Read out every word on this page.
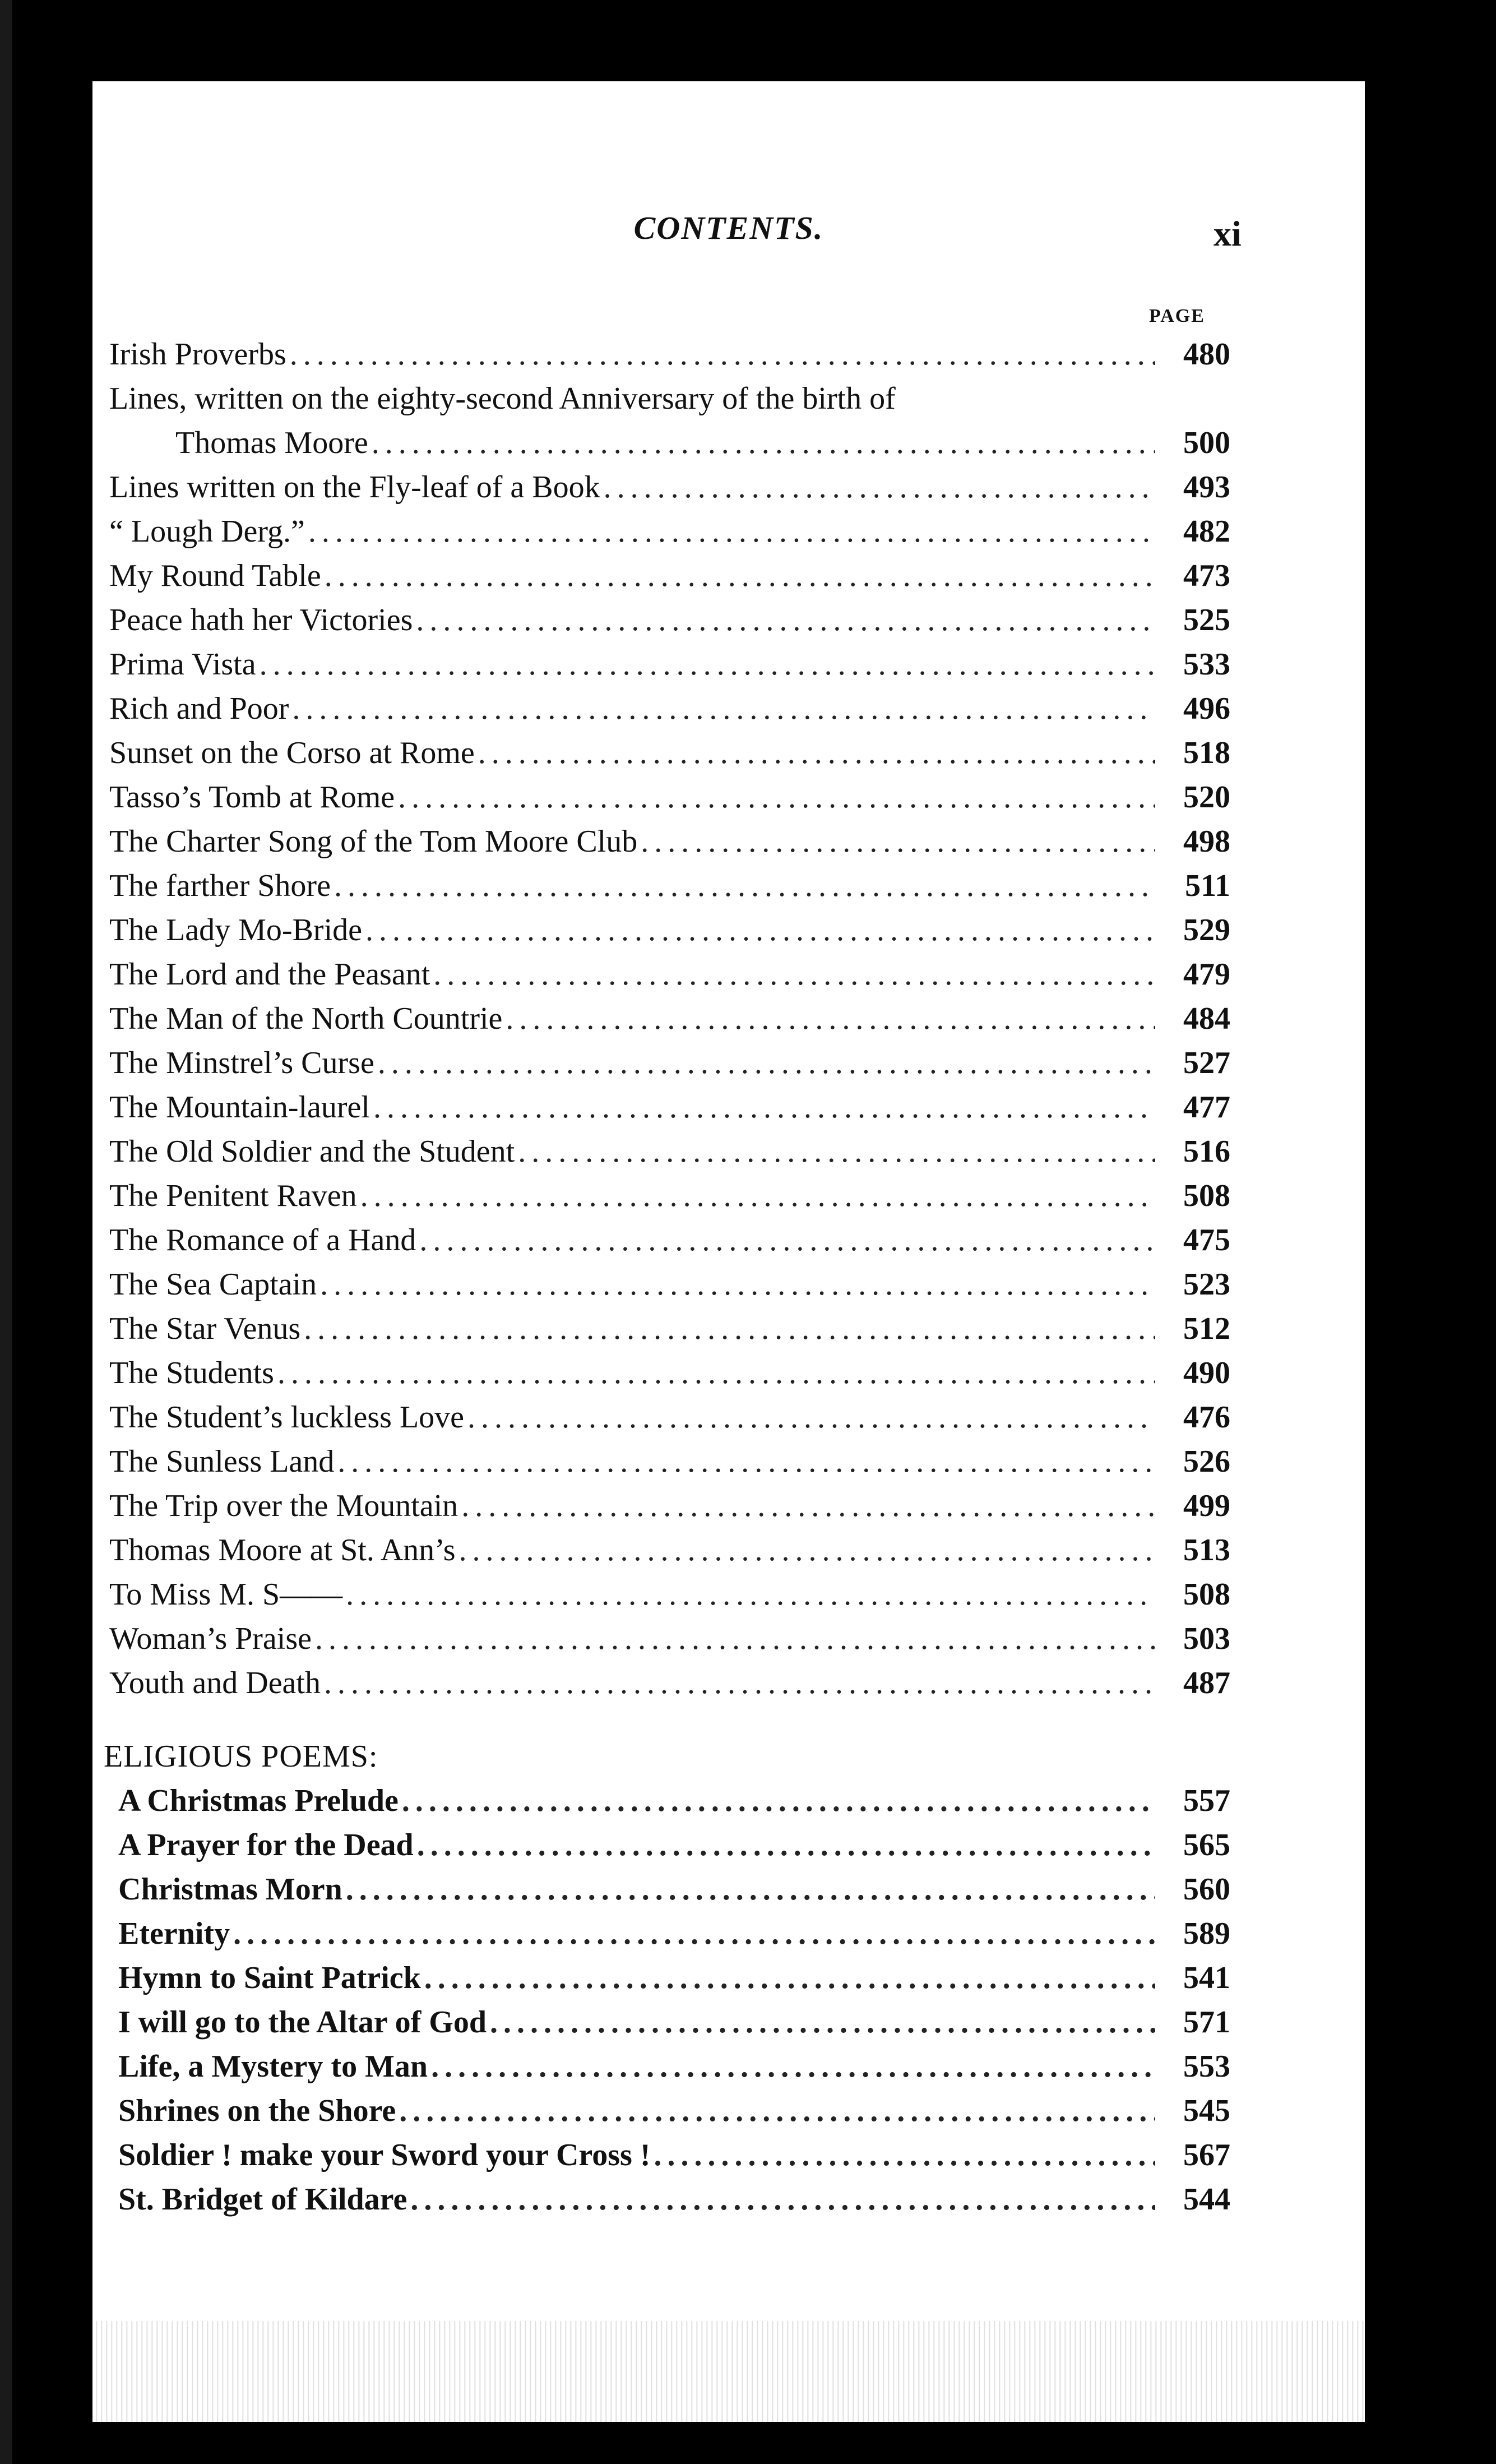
CONTENTS.	xi
PAGE
Irish Proverbs .....	480
Lines, written on the eighty-second Anniversary of the birth of
Thomas Moore .....	500
Lines written on the Fly-leaf of a Book .....	493
“ Lough Derg.” .....	482
My Round Table .....	473
Peace hath her Victories .....	525
Prima Vista .....	533
Rich and Poor .....	496
Sunset on the Corso at Rome .....	518
Tasso’s Tomb at Rome .....	520
The Charter Song of the Tom Moore Club .....	498
The farther Shore .....	511
The Lady Mo-Bride .....	529
The Lord and the Peasant .....	479
The Man of the North Countrie .....	484
The Minstrel’s Curse .....	527
The Mountain-laurel .....	477
The Old Soldier and the Student .....	516
The Penitent Raven .....	508
The Romance of a Hand .....	475
The Sea Captain .....	523
The Star Venus .....	512
The Students .....	490
The Student’s luckless Love .....	476
The Sunless Land .....	526
The Trip over the Mountain .....	499
Thomas Moore at St. Ann’s .....	513
To Miss M. S—— .....	508
Woman’s Praise .....	503
Youth and Death .....	487
ELIGIOUS POEMS:
A Christmas Prelude .....	557
A Prayer for the Dead .....	565
Christmas Morn .....	560
Eternity .....	589
Hymn to Saint Patrick .....	541
I will go to the Altar of God .....	571
Life, a Mystery to Man .....	553
Shrines on the Shore .....	545
Soldier ! make your Sword your Cross ! .....	567
St. Bridget of Kildare .....	544
